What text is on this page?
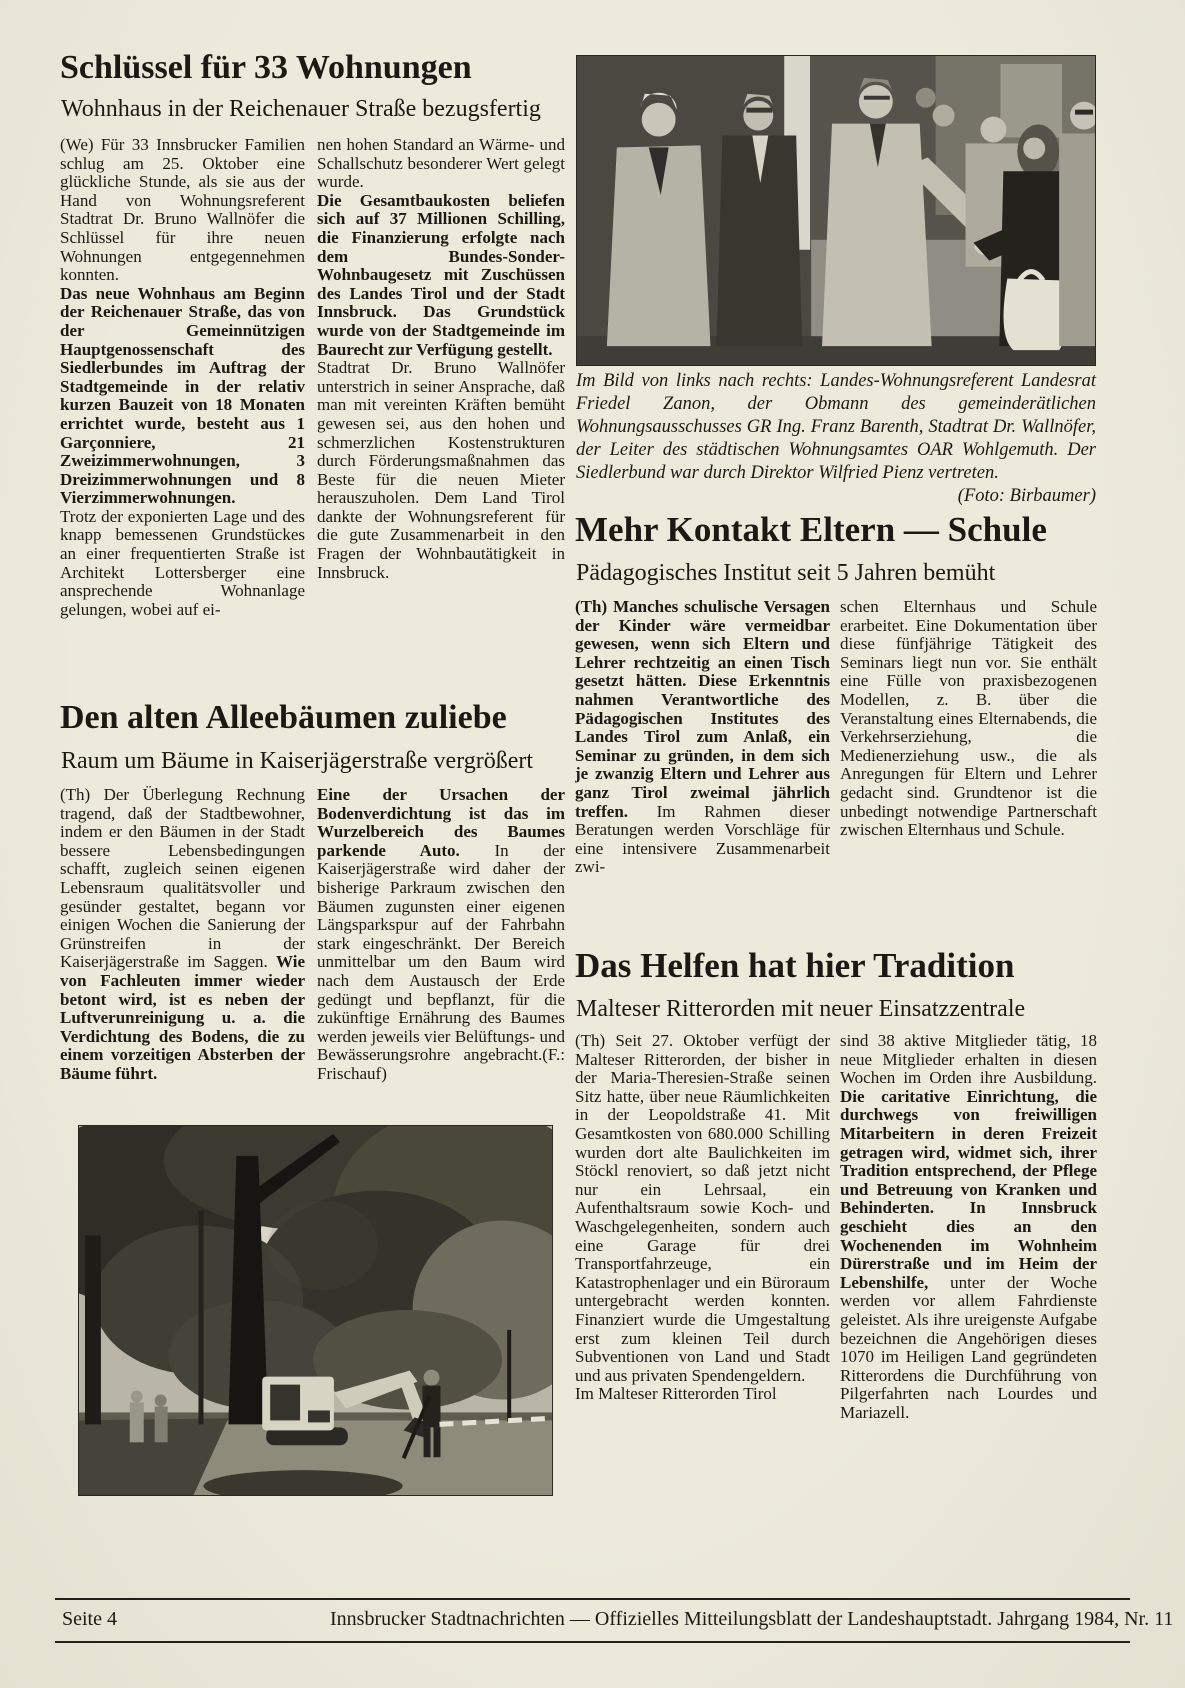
Schlüssel für 33 Wohnungen
Wohnhaus in der Reichenauer Straße bezugsfertig

(We) Für 33 Innsbrucker Familien schlug am 25. Oktober eine glückliche Stunde, als sie aus der Hand von Wohnungsreferent Stadtrat Dr. Bruno Wallnöfer die Schlüssel für ihre neuen Wohnungen entgegennehmen konnten.

Das neue Wohnhaus am Beginn der Reichenauer Straße, das von der Gemeinnützigen Hauptgenossenschaft des Siedlerbundes im Auftrag der Stadtgemeinde in der relativ kurzen Bauzeit von 18 Monaten errichtet wurde, besteht aus 1 Garçonniere, 21 Zweizimmerwohnungen, 3 Dreizimmerwohnungen und 8 Vierzimmerwohnungen.

Trotz der exponierten Lage und des knapp bemessenen Grundstückes an einer frequentierten Straße ist Architekt Lottersberger eine ansprechende Wohnanlage gelungen, wobei auf ei-

nen hohen Standard an Wärme- und Schallschutz besonderer Wert gelegt wurde.

Die Gesamtbaukosten beliefen sich auf 37 Millionen Schilling, die Finanzierung erfolgte nach dem Bundes-Sonder-Wohnbaugesetz mit Zuschüssen des Landes Tirol und der Stadt Innsbruck. Das Grundstück wurde von der Stadtgemeinde im Baurecht zur Verfügung gestellt.

Stadtrat Dr. Bruno Wallnöfer unterstrich in seiner Ansprache, daß man mit vereinten Kräften bemüht gewesen sei, aus den hohen und schmerzlichen Kostenstrukturen durch Förderungsmaßnahmen das Beste für die neuen Mieter herauszuholen. Dem Land Tirol dankte der Wohnungsreferent für die gute Zusammenarbeit in den Fragen der Wohnbautätigkeit in Innsbruck.

Im Bild von links nach rechts: Landes-Wohnungsreferent Landesrat Friedel Zanon, der Obmann des gemeinderätlichen Wohnungsausschusses GR Ing. Franz Barenth, Stadtrat Dr. Wallnöfer, der Leiter des städtischen Wohnungsamtes OAR Wohlgemuth. Der Siedlerbund war durch Direktor Wilfried Pienz vertreten.
(Foto: Birbaumer)
Mehr Kontakt Eltern — Schule
Pädagogisches Institut seit 5 Jahren bemüht

(Th) Manches schulische Versagen der Kinder wäre vermeidbar gewesen, wenn sich Eltern und Lehrer rechtzeitig an einen Tisch gesetzt hätten. Diese Erkenntnis nahmen Verantwortliche des Pädagogischen Institutes des Landes Tirol zum Anlaß, ein Seminar zu gründen, in dem sich je zwanzig Eltern und Lehrer aus ganz Tirol zweimal jährlich treffen. Im Rahmen dieser Beratungen werden Vorschläge für eine intensivere Zusammenarbeit zwi-

schen Elternhaus und Schule erarbeitet. Eine Dokumentation über diese fünfjährige Tätigkeit des Seminars liegt nun vor. Sie enthält eine Fülle von praxisbezogenen Modellen, z. B. über die Veranstaltung eines Elternabends, die Verkehrserziehung, die Medienerziehung usw., die als Anregungen für Eltern und Lehrer gedacht sind. Grundtenor ist die unbedingt notwendige Partnerschaft zwischen Elternhaus und Schule.

Den alten Alleebäumen zuliebe
Raum um Bäume in Kaiserjägerstraße vergrößert

(Th) Der Überlegung Rechnung tragend, daß der Stadtbewohner, indem er den Bäumen in der Stadt bessere Lebensbedingungen schafft, zugleich seinen eigenen Lebensraum qualitätsvoller und gesünder gestaltet, begann vor einigen Wochen die Sanierung der Grünstreifen in der Kaiserjägerstraße im Saggen. Wie von Fachleuten immer wieder betont wird, ist es neben der Luftverunreinigung u. a. die Verdichtung des Bodens, die zu einem vorzeitigen Absterben der Bäume führt.

Eine der Ursachen der Bodenverdichtung ist das im Wurzelbereich des Baumes parkende Auto. In der Kaiserjägerstraße wird daher der bisherige Parkraum zwischen den Bäumen zugunsten einer eigenen Längsparkspur auf der Fahrbahn stark eingeschränkt. Der Bereich unmittelbar um den Baum wird nach dem Austausch der Erde gedüngt und bepflanzt, für die zukünftige Ernährung des Baumes werden jeweils vier Belüftungs- und Bewässerungsrohre angebracht.(F.: Frischauf)

Das Helfen hat hier Tradition
Malteser Ritterorden mit neuer Einsatzzentrale

(Th) Seit 27. Oktober verfügt der Malteser Ritterorden, der bisher in der Maria-Theresien-Straße seinen Sitz hatte, über neue Räumlichkeiten in der Leopoldstraße 41. Mit Gesamtkosten von 680.000 Schilling wurden dort alte Baulichkeiten im Stöckl renoviert, so daß jetzt nicht nur ein Lehrsaal, ein Aufenthaltsraum sowie Koch- und Waschgelegenheiten, sondern auch eine Garage für drei Transportfahrzeuge, ein Katastrophenlager und ein Büroraum untergebracht werden konnten. Finanziert wurde die Umgestaltung erst zum kleinen Teil durch Subventionen von Land und Stadt und aus privaten Spendengeldern.

Im Malteser Ritterorden Tirol

sind 38 aktive Mitglieder tätig, 18 neue Mitglieder erhalten in diesen Wochen im Orden ihre Ausbildung. Die caritative Einrichtung, die durchwegs von freiwilligen Mitarbeitern in deren Freizeit getragen wird, widmet sich, ihrer Tradition entsprechend, der Pflege und Betreuung von Kranken und Behinderten. In Innsbruck geschieht dies an den Wochenenden im Wohnheim Dürerstraße und im Heim der Lebenshilfe, unter der Woche werden vor allem Fahrdienste geleistet. Als ihre ureigenste Aufgabe bezeichnen die Angehörigen dieses 1070 im Heiligen Land gegründeten Ritterordens die Durchführung von Pilgerfahrten nach Lourdes und Mariazell.

Seite 4	Innsbrucker Stadtnachrichten — Offizielles Mitteilungsblatt der Landeshauptstadt. Jahrgang 1984, Nr. 11
